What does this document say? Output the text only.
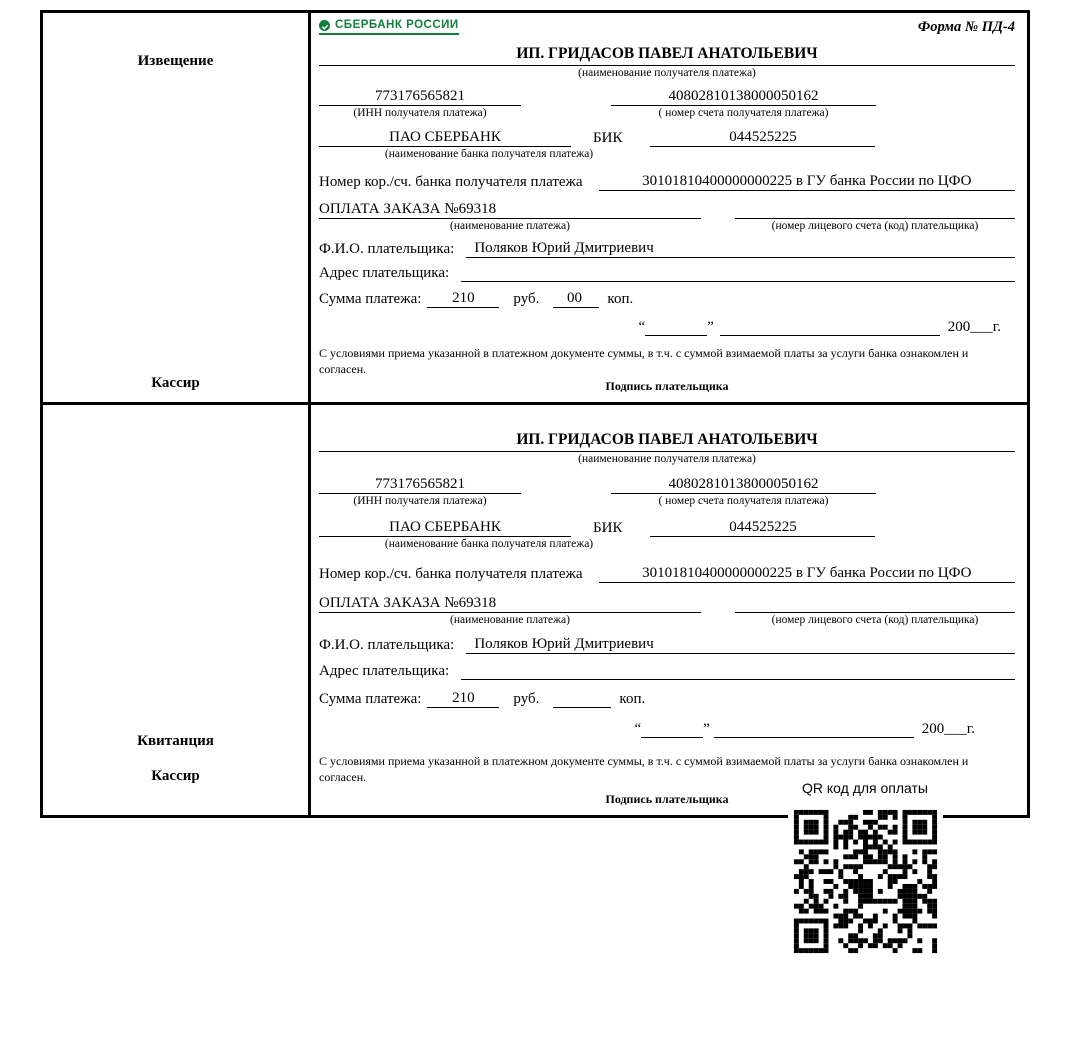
Извещение
Кассир
СБЕРБАНК РОССИИ	Форма № ПД-4
ИП. ГРИДАСОВ ПАВЕЛ АНАТОЛЬЕВИЧ
(наименование получателя платежа)
773176565821	40802810138000050162
(ИНН получателя платежа)	( номер счета получателя платежа)
ПАО СБЕРБАНК	БИК	044525225
(наименование банка получателя платежа)
Номер кор./сч. банка получателя платежа	30101810400000000225 в ГУ банка России по ЦФО
ОПЛАТА ЗАКАЗА №69318
(наименование платежа)	(номер лицевого счета (код) плательщика)
Ф.И.О. плательщика:	Поляков Юрий Дмитриевич
Адрес плательщика:
Сумма платежа:	210	руб.	00	коп.
“	”	200___г.
С условиями приема указанной в платежном документе суммы, в т.ч. с суммой взимаемой платы за услуги банка ознакомлен и согласен.
Подпись плательщика
Квитанция
Кассир
ИП. ГРИДАСОВ ПАВЕЛ АНАТОЛЬЕВИЧ
(наименование получателя платежа)
773176565821	40802810138000050162
(ИНН получателя платежа)	( номер счета получателя платежа)
ПАО СБЕРБАНК	БИК	044525225
(наименование банка получателя платежа)
Номер кор./сч. банка получателя платежа	30101810400000000225 в ГУ банка России по ЦФО
ОПЛАТА ЗАКАЗА №69318
(наименование платежа)	(номер лицевого счета (код) плательщика)
Ф.И.О. плательщика:	Поляков Юрий Дмитриевич
Адрес плательщика:
Сумма платежа:	210	руб.	коп.
“	”	200___г.
С условиями приема указанной в платежном документе суммы, в т.ч. с суммой взимаемой платы за услуги банка ознакомлен и согласен.
Подпись плательщика
QR код для оплаты
